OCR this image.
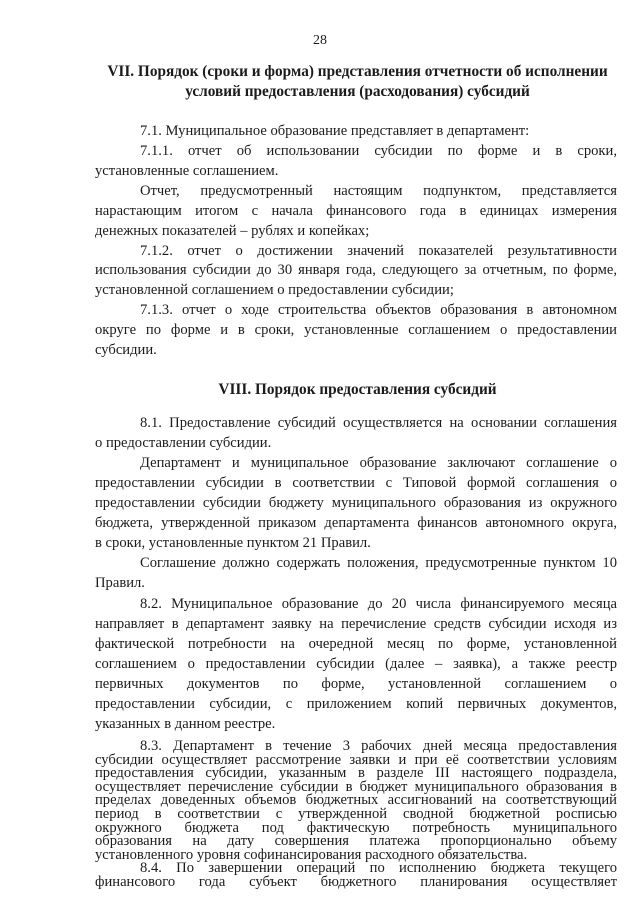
28
VII. Порядок (сроки и форма) представления отчетности об исполнении
условий предоставления (расходования) субсидий
7.1. Муниципальное образование представляет в департамент:
7.1.1. отчет об использовании субсидии по форме и в сроки,
установленные соглашением.
Отчет, предусмотренный настоящим подпунктом, представляется
нарастающим итогом с начала финансового года в единицах измерения
денежных показателей – рублях и копейках;
7.1.2. отчет о достижении значений показателей результативности
использования субсидии до 30 января года, следующего за отчетным, по форме,
установленной соглашением о предоставлении субсидии;
7.1.3. отчет о ходе строительства объектов образования в автономном
округе по форме и в сроки, установленные соглашением о предоставлении
субсидии.
VIII. Порядок предоставления субсидий
8.1. Предоставление субсидий осуществляется на основании соглашения
о предоставлении субсидии.
Департамент и муниципальное образование заключают соглашение о
предоставлении субсидии в соответствии с Типовой формой соглашения о
предоставлении субсидии бюджету муниципального образования из окружного
бюджета, утвержденной приказом департамента финансов автономного округа,
в сроки, установленные пунктом 21 Правил.
Соглашение должно содержать положения, предусмотренные пунктом 10
Правил.
8.2. Муниципальное образование до 20 числа финансируемого месяца
направляет в департамент заявку на перечисление средств субсидии исходя из
фактической потребности на очередной месяц по форме, установленной
соглашением о предоставлении субсидии (далее – заявка), а также реестр
первичных документов по форме, установленной соглашением о
предоставлении субсидии, с приложением копий первичных документов,
указанных в данном реестре.
8.3. Департамент в течение 3 рабочих дней месяца предоставления
субсидии осуществляет рассмотрение заявки и при её соответствии условиям
предоставления субсидии, указанным в разделе III настоящего подраздела,
осуществляет перечисление субсидии в бюджет муниципального образования в
пределах доведенных объемов бюджетных ассигнований на соответствующий
период в соответствии с утвержденной сводной бюджетной росписью
окружного бюджета под фактическую потребность муниципального
образования на дату совершения платежа пропорционально объему
установленного уровня софинансирования расходного обязательства.
8.4. По завершении операций по исполнению бюджета текущего
финансового года субъект бюджетного планирования осуществляет
